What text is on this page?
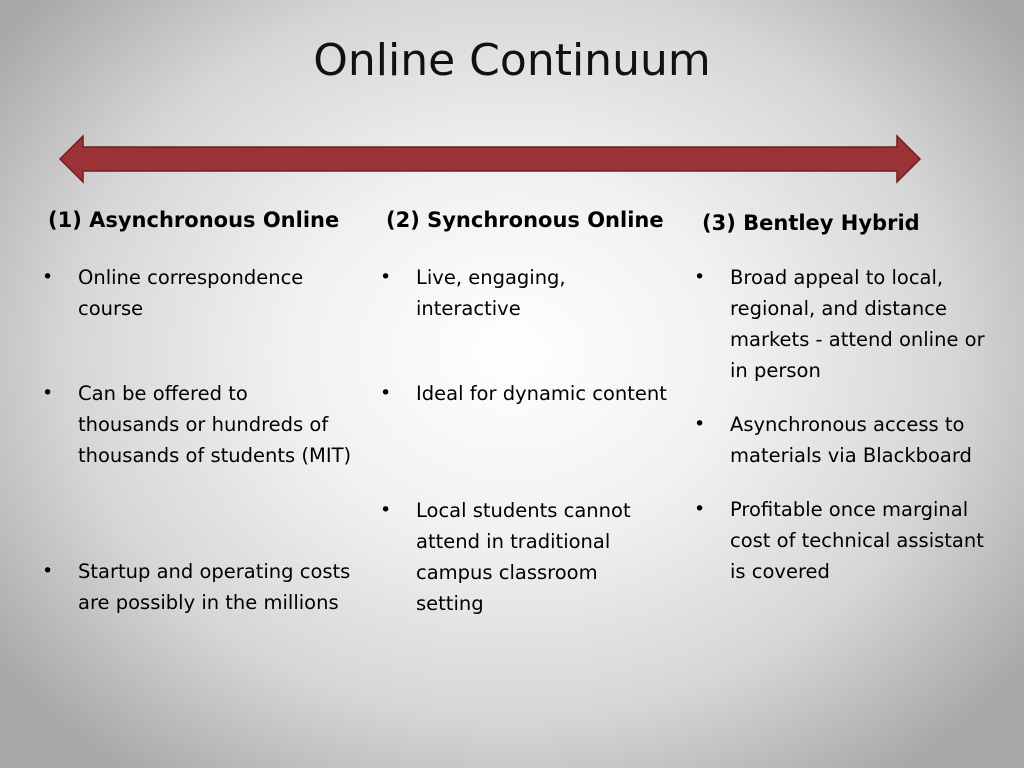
Online Continuum
(1) Asynchronous Online (2) Synchronous Online (3) Bentley Hybrid
• Online correspondence course
• Can be offered to thousands or hundreds of thousands of students (MIT)
• Startup and operating costs are possibly in the millions
• Live, engaging, interactive
• Ideal for dynamic content
• Local students cannot attend in traditional campus classroom setting
• Broad appeal to local, regional, and distance markets - attend online or in person
• Asynchronous access to materials via Blackboard
• Profitable once marginal cost of technical assistant is covered
